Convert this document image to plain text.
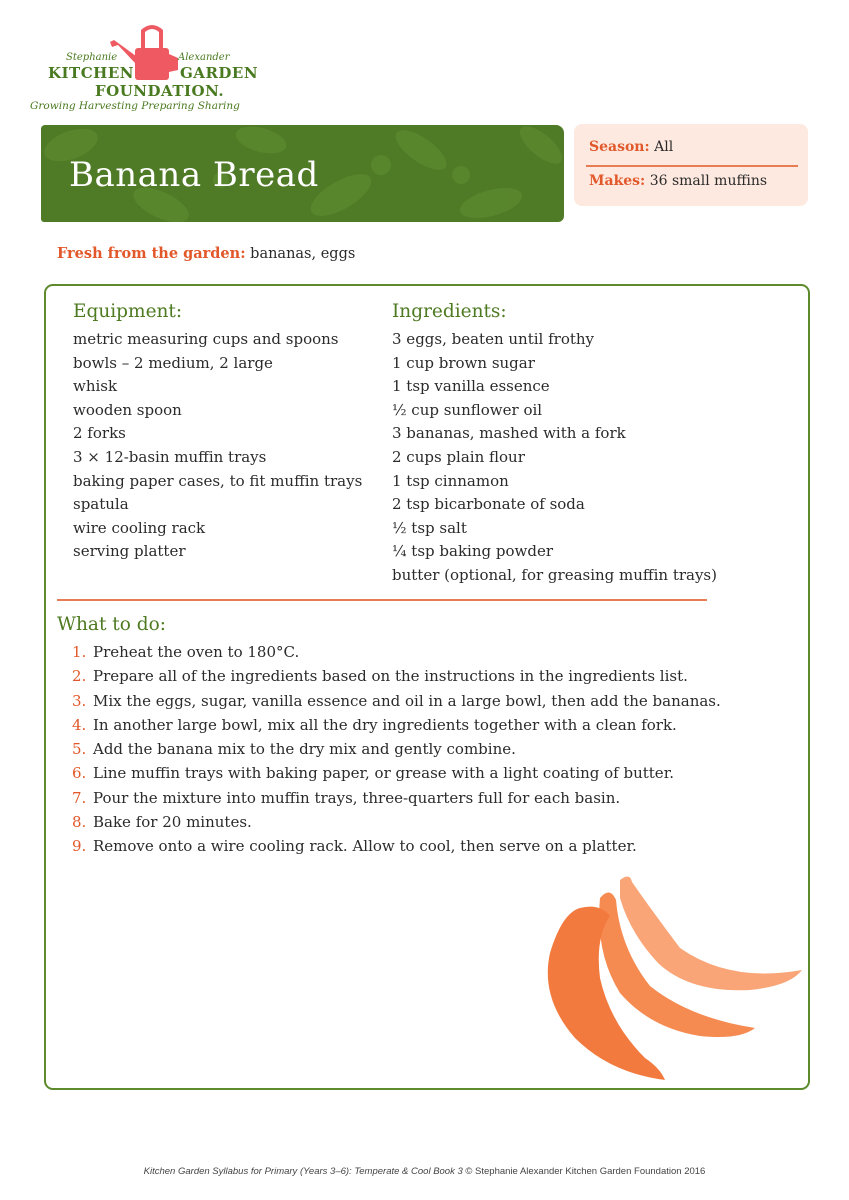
Stephanie	Alexander
KITCHEN	GARDEN
FOUNDATION.
Growing Harvesting Preparing Sharing
Banana Bread
Season: All
Makes: 36 small muffins
Fresh from the garden: bananas, eggs
Equipment:
metric measuring cups and spoons
bowls – 2 medium, 2 large
whisk
wooden spoon
2 forks
3 × 12-basin muffin trays
baking paper cases, to fit muffin trays
spatula
wire cooling rack
serving platter
Ingredients:
3 eggs, beaten until frothy
1 cup brown sugar
1 tsp vanilla essence
½ cup sunflower oil
3 bananas, mashed with a fork
2 cups plain flour
1 tsp cinnamon
2 tsp bicarbonate of soda
½ tsp salt
¼ tsp baking powder
butter (optional, for greasing muffin trays)
What to do:
1. Preheat the oven to 180°C.
2. Prepare all of the ingredients based on the instructions in the ingredients list.
3. Mix the eggs, sugar, vanilla essence and oil in a large bowl, then add the bananas.
4. In another large bowl, mix all the dry ingredients together with a clean fork.
5. Add the banana mix to the dry mix and gently combine.
6. Line muffin trays with baking paper, or grease with a light coating of butter.
7. Pour the mixture into muffin trays, three-quarters full for each basin.
8. Bake for 20 minutes.
9. Remove onto a wire cooling rack. Allow to cool, then serve on a platter.
Kitchen Garden Syllabus for Primary (Years 3–6): Temperate & Cool Book 3 © Stephanie Alexander Kitchen Garden Foundation 2016
